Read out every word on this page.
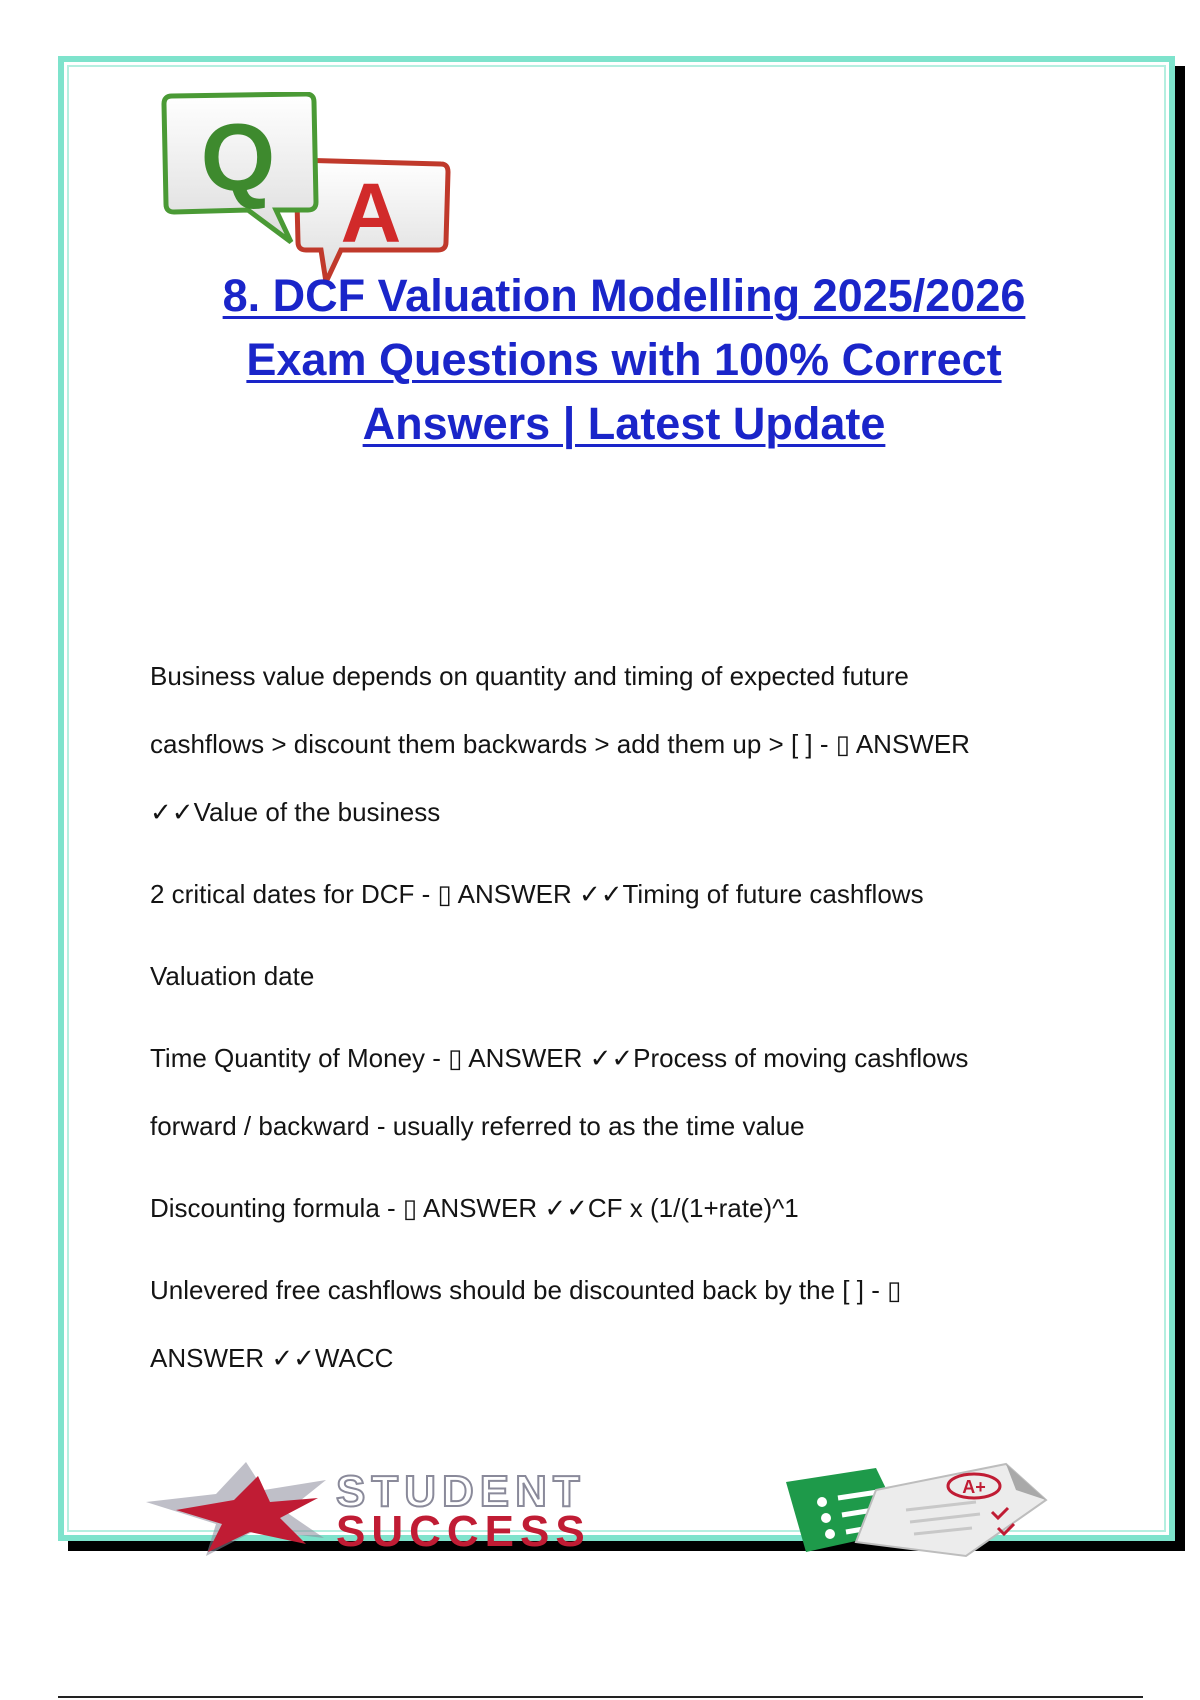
A
Q
8. DCF Valuation Modelling 2025/2026
Exam Questions with 100% Correct
Answers | Latest Update

Business value depends on quantity and timing of expected future

cashflows > discount them backwards > add them up > [ ] - ▯ ANSWER

✓✓Value of the business

2 critical dates for DCF - ▯ ANSWER ✓✓Timing of future cashflows

Valuation date

Time Quantity of Money - ▯ ANSWER ✓✓Process of moving cashflows

forward / backward - usually referred to as the time value

Discounting formula - ▯ ANSWER ✓✓CF x (1/(1+rate)^1

Unlevered free cashflows should be discounted back by the [ ] - ▯

ANSWER ✓✓WACC

STUDENT
SUCCESS
A+
